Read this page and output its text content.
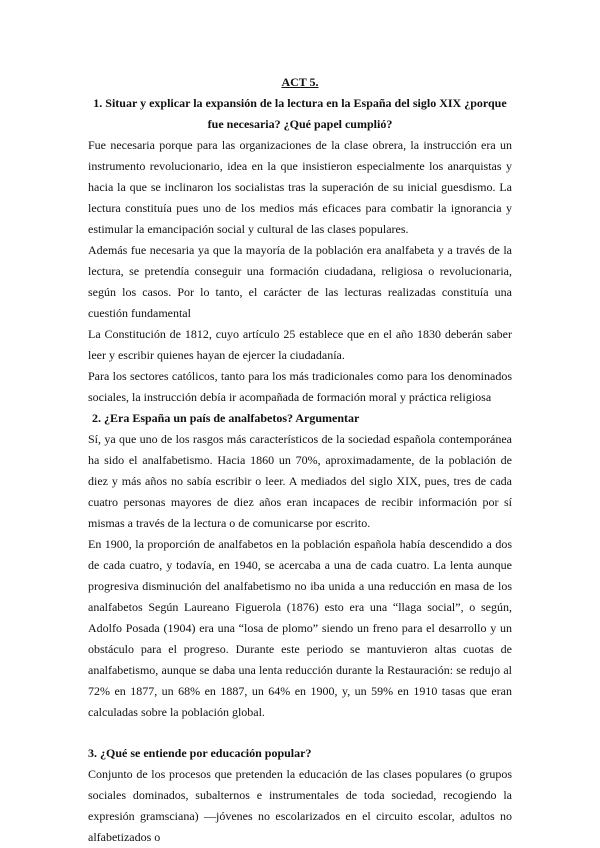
ACT 5.
1. Situar y explicar la expansión de la lectura en la España del siglo XIX ¿porque fue necesaria? ¿Qué papel cumplió?

Fue necesaria porque para las organizaciones de la clase obrera, la instrucción era un instrumento revolucionario, idea en la que insistieron especialmente los anarquistas y hacia la que se inclinaron los socialistas tras la superación de su inicial guesdismo. La lectura constituía pues uno de los medios más eficaces para combatir la ignorancia y estimular la emancipación social y cultural de las clases populares.

Además fue necesaria ya que la mayoría de la población era analfabeta y a través de la lectura, se pretendía conseguir una formación ciudadana, religiosa o revolucionaria, según los casos. Por lo tanto, el carácter de las lecturas realizadas constituía una cuestión fundamental

La Constitución de 1812, cuyo artículo 25 establece que en el año 1830 deberán saber leer y escribir quienes hayan de ejercer la ciudadanía.

Para los sectores católicos, tanto para los más tradicionales como para los denominados sociales, la instrucción debía ir acompañada de formación moral y práctica religiosa

2. ¿Era España un país de analfabetos? Argumentar

Sí, ya que uno de los rasgos más característicos de la sociedad española contemporánea ha sido el analfabetismo. Hacia 1860 un 70%, aproximadamente, de la población de diez y más años no sabía escribir o leer. A mediados del siglo XIX, pues, tres de cada cuatro personas mayores de diez años eran incapaces de recibir información por sí mismas a través de la lectura o de comunicarse por escrito.

En 1900, la proporción de analfabetos en la población española había descendido a dos de cada cuatro, y todavía, en 1940, se acercaba a una de cada cuatro. La lenta aunque progresiva disminución del analfabetismo no iba unida a una reducción en masa de los analfabetos Según Laureano Figuerola (1876) esto era una “llaga social”, o según, Adolfo Posada (1904) era una “losa de plomo” siendo un freno para el desarrollo y un obstáculo para el progreso. Durante este periodo se mantuvieron altas cuotas de analfabetismo, aunque se daba una lenta reducción durante la Restauración: se redujo al 72% en 1877, un 68% en 1887, un 64% en 1900, y, un 59% en 1910 tasas que eran calculadas sobre la población global.

3. ¿Qué se entiende por educación popular?

Conjunto de los procesos que pretenden la educación de las clases populares (o grupos sociales dominados, subalternos e instrumentales de toda sociedad, recogiendo la expresión gramsciana) —jóvenes no escolarizados en el circuito escolar, adultos no alfabetizados o
